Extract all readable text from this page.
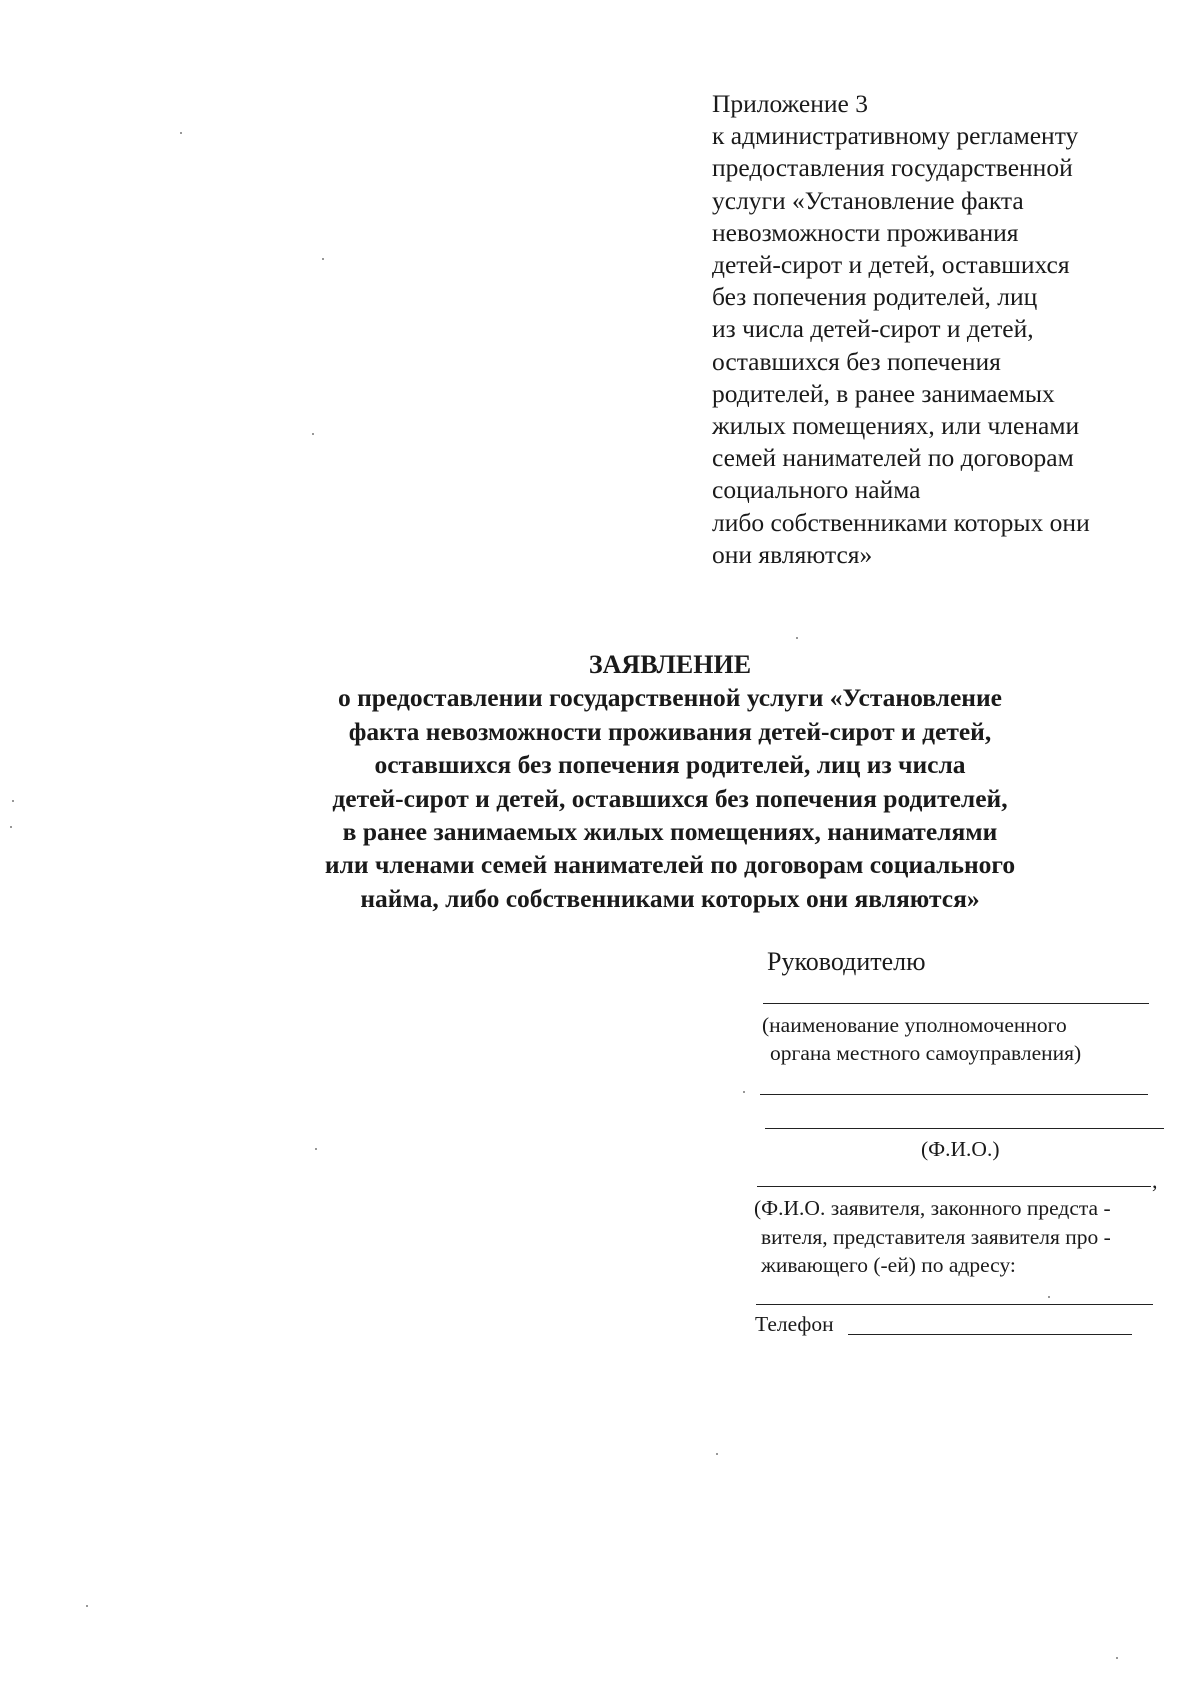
Приложение 3
к административному регламенту
предоставления государственной
услуги «Установление факта
невозможности проживания
детей-сирот и детей, оставшихся
без попечения родителей, лиц
из числа детей-сирот и детей,
оставшихся без попечения
родителей, в ранее занимаемых
жилых помещениях, или членами
семей нанимателей по договорам
социального найма
либо собственниками которых они
они являются»
ЗАЯВЛЕНИЕ
о предоставлении государственной услуги «Установление
факта невозможности проживания детей-сирот и детей,
оставшихся без попечения родителей, лиц из числа
детей-сирот и детей, оставшихся без попечения родителей,
в ранее занимаемых жилых помещениях, нанимателями
или членами семей нанимателей по договорам социального
найма, либо собственниками которых они являются»
Руководителю
(наименование уполномоченного
органа местного самоуправления)
(Ф.И.О.)
,
(Ф.И.О. заявителя, законного предста -
вителя, представителя заявителя про -
живающего (-ей) по адресу:
Телефон
